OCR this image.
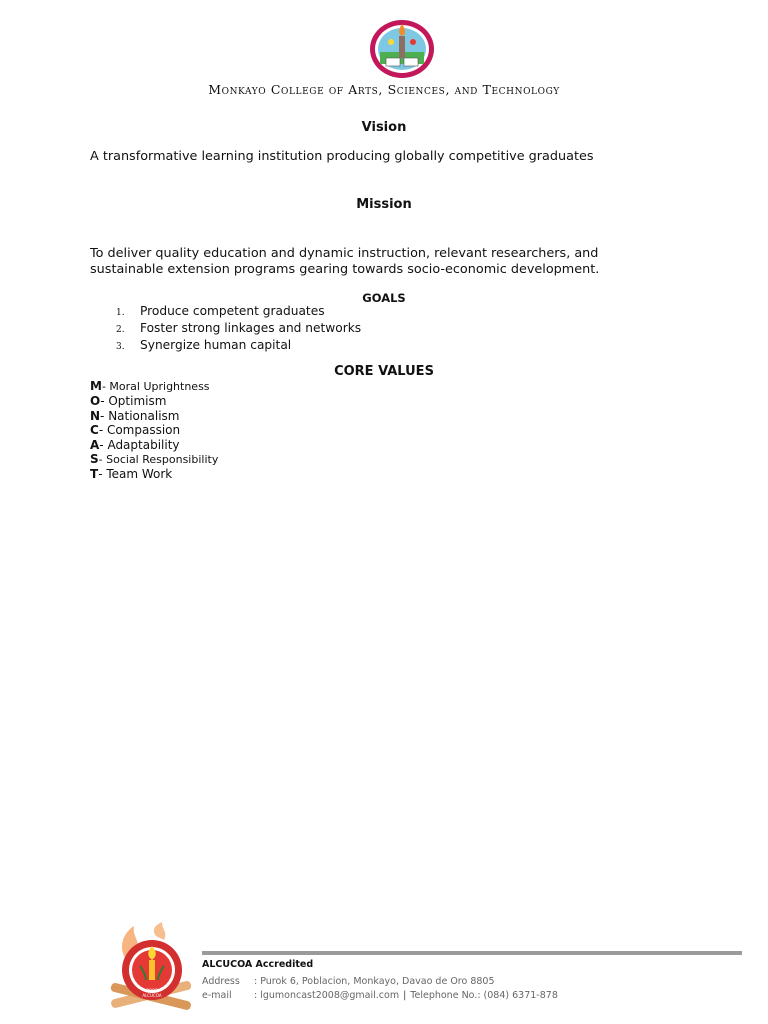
Monkayo College of Arts, Sciences, and Technology
Vision
A transformative learning institution producing globally competitive graduates
Mission
To deliver quality education and dynamic instruction, relevant researchers, and sustainable extension programs gearing towards socio-economic development.
GOALS
1. Produce competent graduates
2. Foster strong linkages and networks
3. Synergize human capital
CORE VALUES
M- Moral Uprightness
O- Optimism
N- Nationalism
C- Compassion
A- Adaptability
S- Social Responsibility
T- Team Work
2003
ALCUCOA
ALCUCOA Accredited
Address : Purok 6, Poblacion, Monkayo, Davao de Oro 8805
e-mail : lgumoncast2008@gmail.com | Telephone No.: (084) 6371-878
